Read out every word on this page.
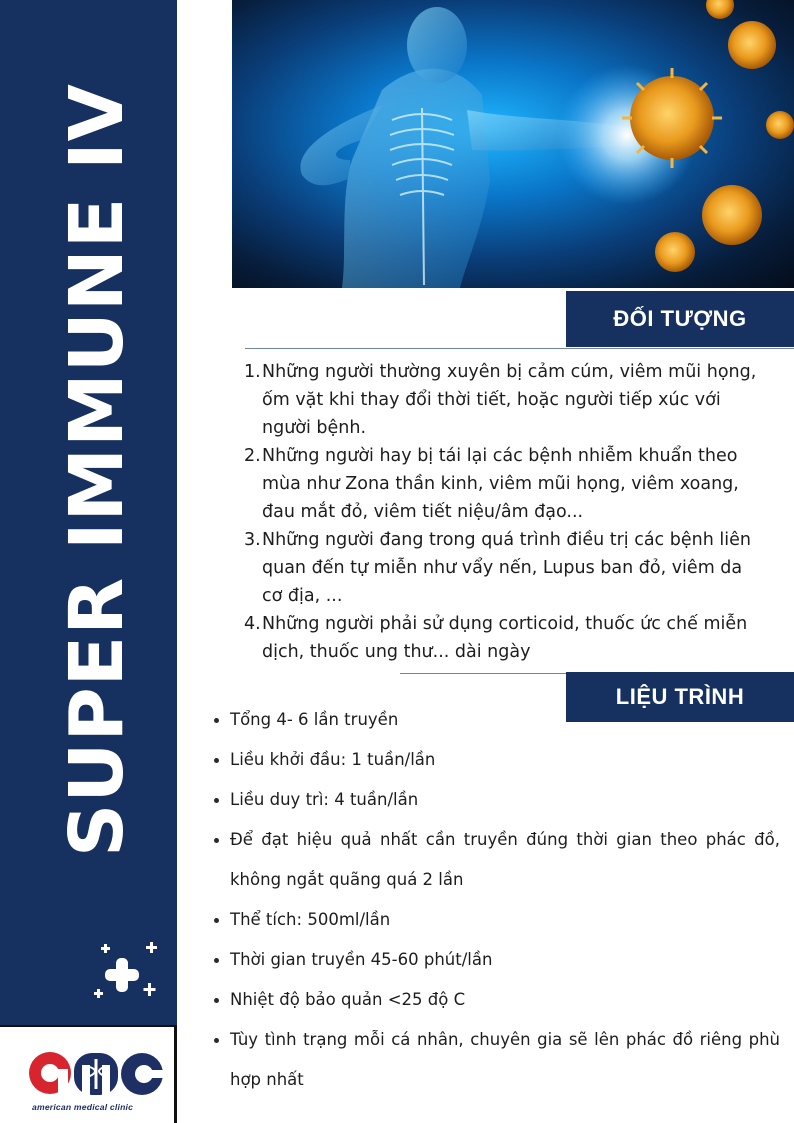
SUPER IMMUNE IV
american medical clinic
ĐỐI TƯỢNG
1. Những người thường xuyên bị cảm cúm, viêm mũi họng, ốm vặt khi thay đổi thời tiết, hoặc người tiếp xúc với người bệnh.
2. Những người hay bị tái lại các bệnh nhiễm khuẩn theo mùa như Zona thần kinh, viêm mũi họng, viêm xoang, đau mắt đỏ, viêm tiết niệu/âm đạo...
3. Những người đang trong quá trình điều trị các bệnh liên quan đến tự miễn như vẩy nến, Lupus ban đỏ, viêm da cơ địa, ...
4. Những người phải sử dụng corticoid, thuốc ức chế miễn dịch, thuốc ung thư... dài ngày
LIỆU TRÌNH
Tổng 4- 6 lần truyền
Liều khởi đầu: 1 tuần/lần
Liều duy trì: 4 tuần/lần
Để đạt hiệu quả nhất cần truyền đúng thời gian theo phác đồ, không ngắt quãng quá 2 lần
Thể tích: 500ml/lần
Thời gian truyền 45-60 phút/lần
Nhiệt độ bảo quản <25 độ C
Tùy tình trạng mỗi cá nhân, chuyên gia sẽ lên phác đồ riêng phù hợp nhất
